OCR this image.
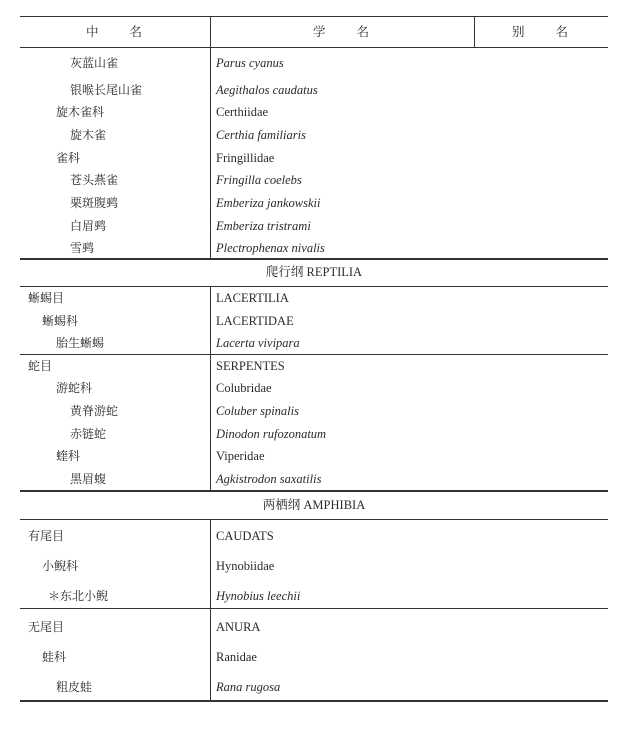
中　　名	学　　名	别　　名
灰蓝山雀	Parus cyanus
银喉长尾山雀	Aegithalos caudatus
旋木雀科	Certhiidae
旋木雀	Certhia familiaris
雀科	Fringillidae
苍头燕雀	Fringilla coelebs
栗斑腹鹀	Emberiza jankowskii
白眉鹀	Emberiza tristrami
雪鹀	Plectrophenax nivalis
爬行纲 REPTILIA
蜥蜴目	LACERTILIA
蜥蜴科	LACERTIDAE
胎生蜥蜴	Lacerta vivipara
蛇目	SERPENTES
游蛇科	Colubridae
黄脊游蛇	Coluber spinalis
赤链蛇	Dinodon rufozonatum
蝰科	Viperidae
黑眉蝮	Agkistrodon saxatilis
两栖纲 AMPHIBIA
有尾目	CAUDATS
小鲵科	Hynobiidae
＊东北小鲵	Hynobius leechii
无尾目	ANURA
蛙科	Ranidae
粗皮蛙	Rana rugosa
